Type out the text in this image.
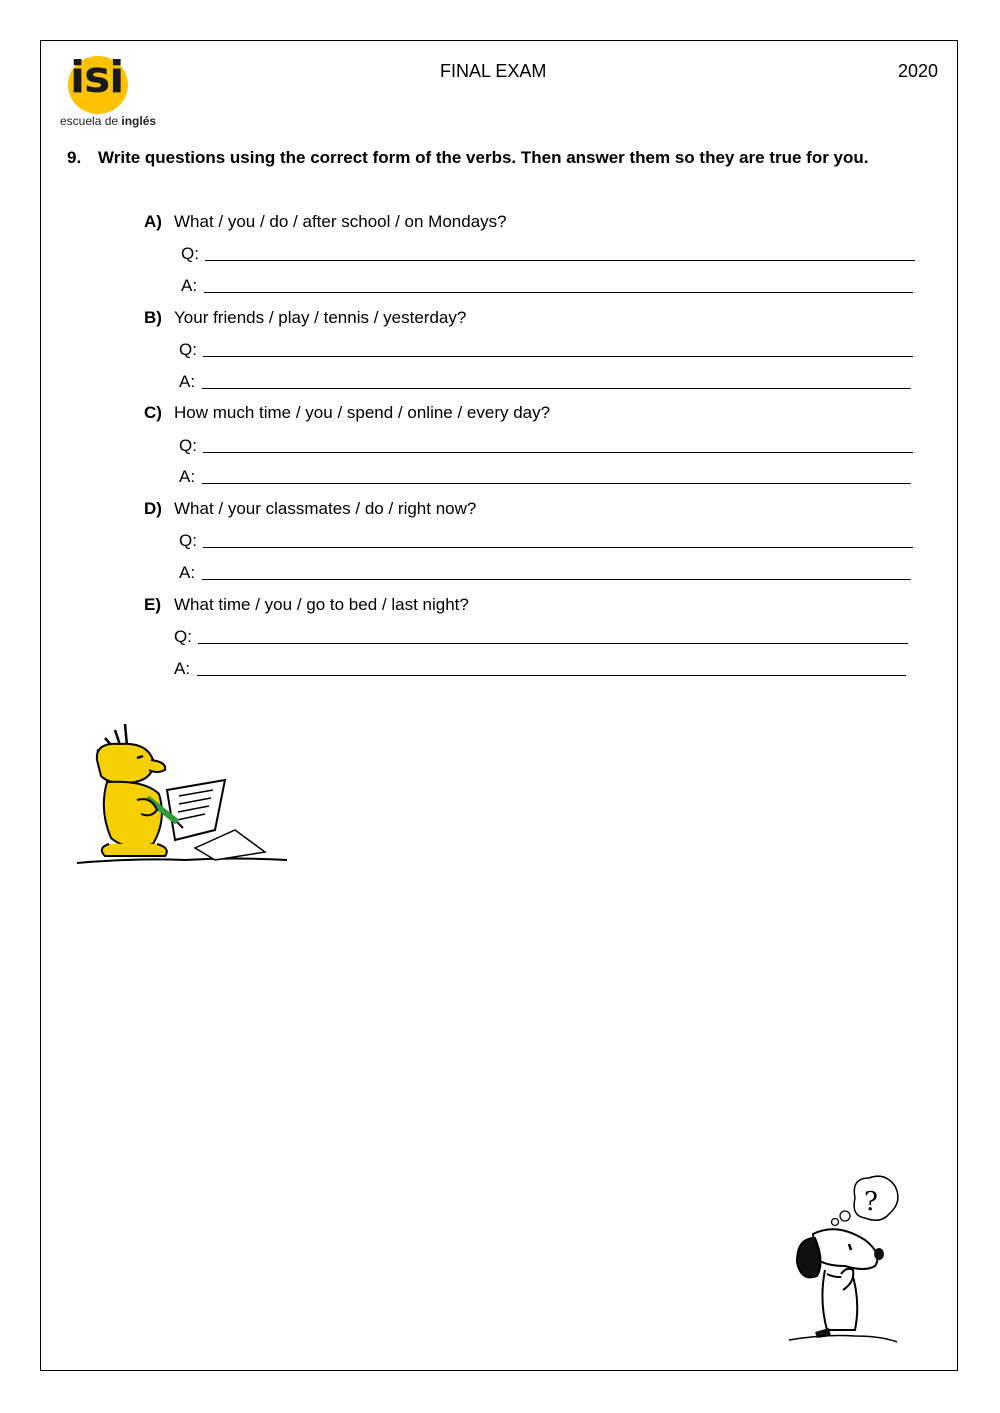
isi
escuela de inglés
FINAL EXAM	2020
9. Write questions using the correct form of the verbs. Then answer them so they are true for you.
A) What / you / do / after school / on Mondays?
Q:
A:
B) Your friends / play / tennis / yesterday?
Q:
A:
C) How much time / you / spend / online / every day?
Q:
A:
D) What / your classmates / do / right now?
Q:
A:
E) What time / you / go to bed / last night?
Q:
A:
?
